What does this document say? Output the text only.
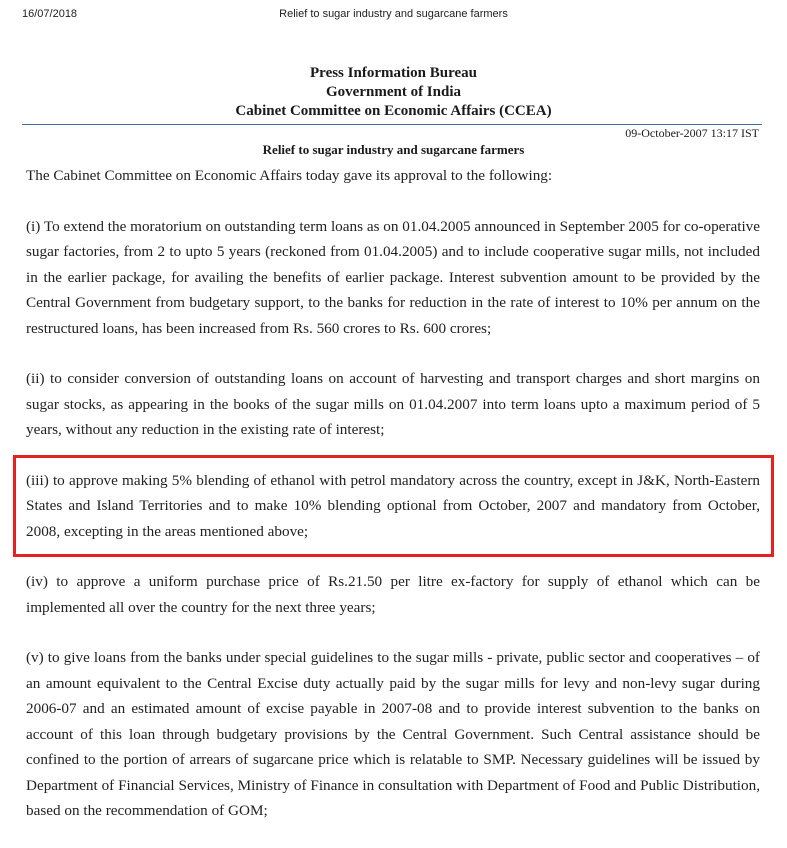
16/07/2018	Relief to sugar industry and sugarcane farmers
Press Information Bureau
Government of India
Cabinet Committee on Economic Affairs (CCEA)
09-October-2007 13:17 IST
Relief to sugar industry and sugarcane farmers

The Cabinet Committee on Economic Affairs today gave its approval to the following:

(i) To extend the moratorium on outstanding term loans as on 01.04.2005 announced in September 2005 for co-operative sugar factories, from 2 to upto 5 years (reckoned from 01.04.2005) and to include cooperative sugar mills, not included in the earlier package, for availing the benefits of earlier package. Interest subvention amount to be provided by the Central Government from budgetary support, to the banks for reduction in the rate of interest to 10% per annum on the restructured loans, has been increased from Rs. 560 crores to Rs. 600 crores;

(ii) to consider conversion of outstanding loans on account of harvesting and transport charges and short margins on sugar stocks, as appearing in the books of the sugar mills on 01.04.2007 into term loans upto a maximum period of 5 years, without any reduction in the existing rate of interest;

(iii) to approve making 5% blending of ethanol with petrol mandatory across the country, except in J&K, North-Eastern States and Island Territories and to make 10% blending optional from October, 2007 and mandatory from October, 2008, excepting in the areas mentioned above;

(iv) to approve a uniform purchase price of Rs.21.50 per litre ex-factory for supply of ethanol which can be implemented all over the country for the next three years;

(v) to give loans from the banks under special guidelines to the sugar mills - private, public sector and cooperatives – of an amount equivalent to the Central Excise duty actually paid by the sugar mills for levy and non-levy sugar during 2006-07 and an estimated amount of excise payable in 2007-08 and to provide interest subvention to the banks on account of this loan through budgetary provisions by the Central Government. Such Central assistance should be confined to the portion of arrears of sugarcane price which is relatable to SMP. Necessary guidelines will be issued by Department of Financial Services, Ministry of Finance in consultation with Department of Food and Public Distribution, based on the recommendation of GOM;
